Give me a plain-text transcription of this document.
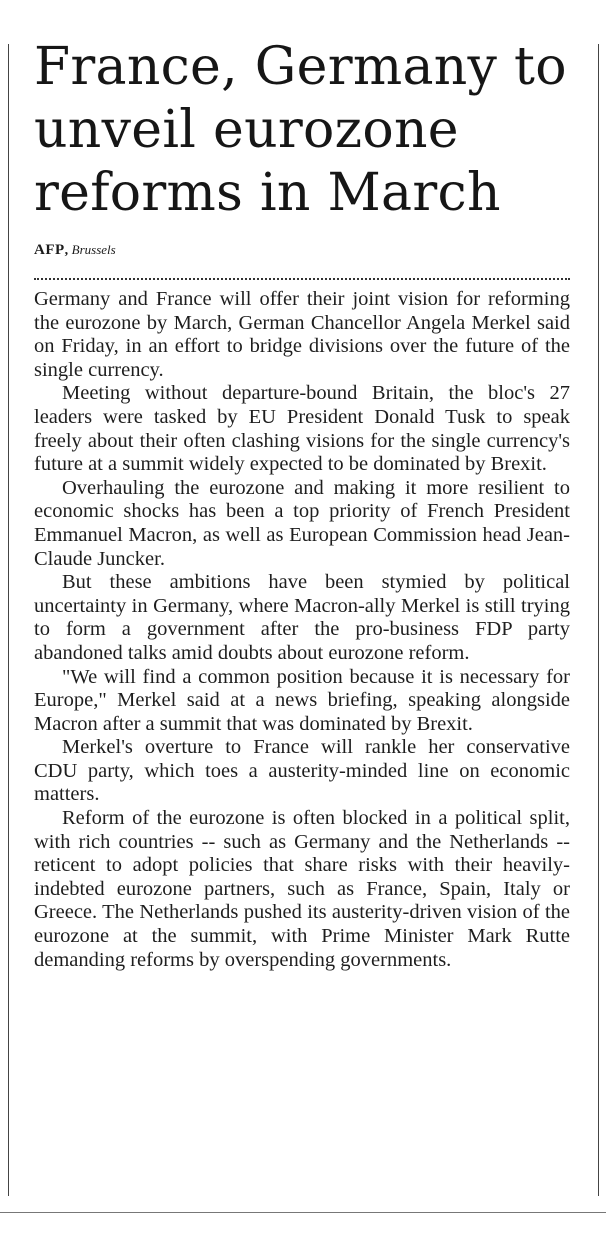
France, Germany to unveil eurozone reforms in March
AFP, Brussels

Germany and France will offer their joint vision for reforming the eurozone by March, German Chancellor Angela Merkel said on Friday, in an effort to bridge divisions over the future of the single currency.

Meeting without departure-bound Britain, the bloc's 27 leaders were tasked by EU President Donald Tusk to speak freely about their often clashing visions for the single currency's future at a summit widely expected to be dominated by Brexit.

Overhauling the eurozone and making it more resilient to economic shocks has been a top priority of French President Emmanuel Macron, as well as European Commission head Jean-Claude Juncker.

But these ambitions have been stymied by political uncertainty in Germany, where Macron-ally Merkel is still trying to form a government after the pro-business FDP party abandoned talks amid doubts about eurozone reform.

"We will find a common position because it is necessary for Europe," Merkel said at a news briefing, speaking alongside Macron after a summit that was dominated by Brexit.

Merkel's overture to France will rankle her conservative CDU party, which toes a austerity-minded line on economic matters.

Reform of the eurozone is often blocked in a political split, with rich countries -- such as Germany and the Netherlands -- reticent to adopt policies that share risks with their heavily-indebted eurozone partners, such as France, Spain, Italy or Greece. The Netherlands pushed its austerity-driven vision of the eurozone at the summit, with Prime Minister Mark Rutte demanding reforms by overspending governments.
